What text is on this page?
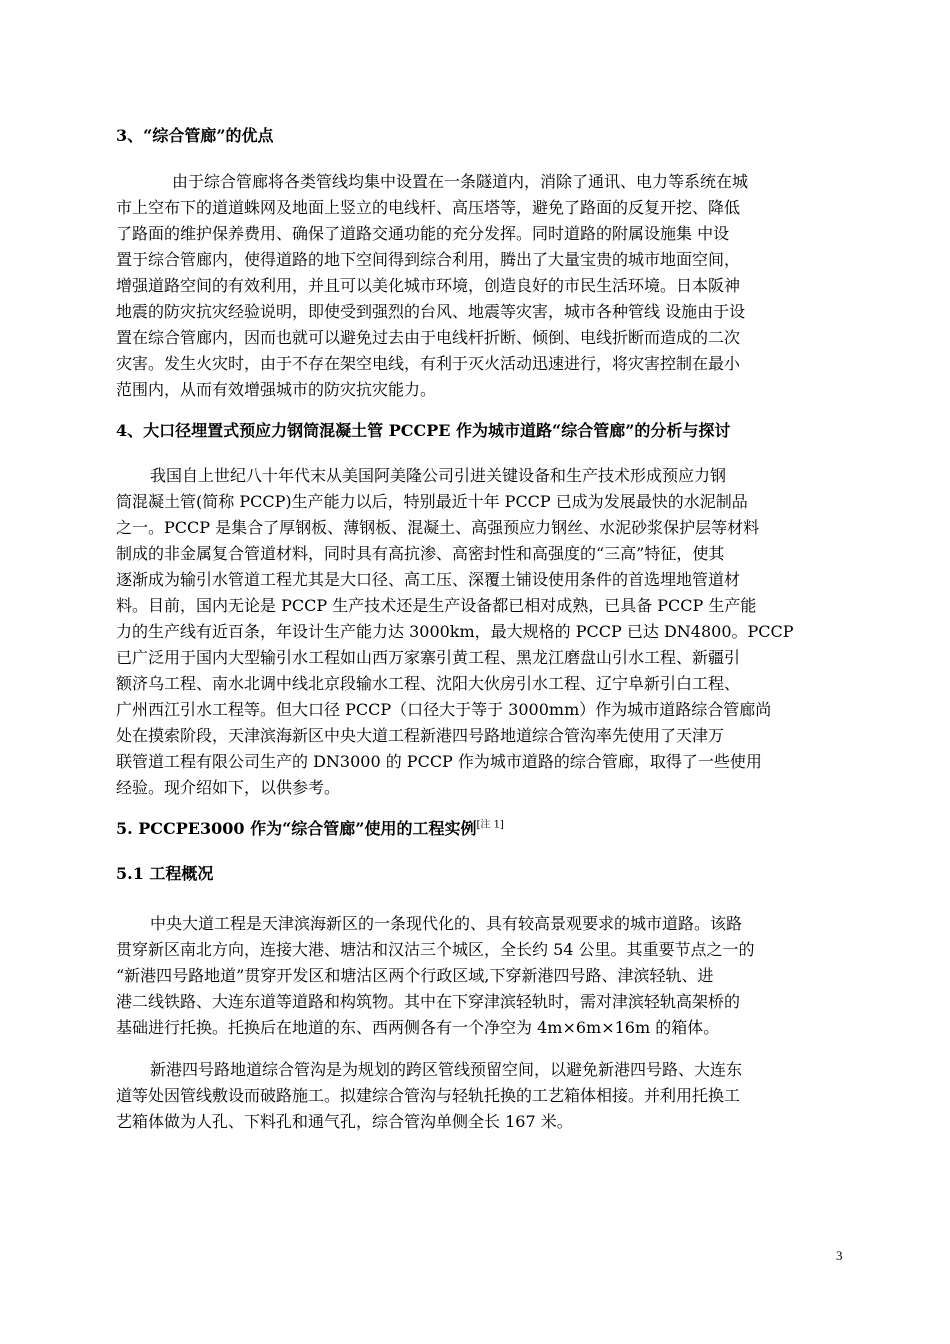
3、“综合管廊”的优点
由于综合管廊将各类管线均集中设置在一条隧道内，消除了通讯、电力等系统在城
市上空布下的道道蛛网及地面上竖立的电线杆、高压塔等，避免了路面的反复开挖、降低
了路面的维护保养费用、确保了道路交通功能的充分发挥。同时道路的附属设施集 中设
置于综合管廊内，使得道路的地下空间得到综合利用，腾出了大量宝贵的城市地面空间，
增强道路空间的有效利用，并且可以美化城市环境，创造良好的市民生活环境。日本阪神
地震的防灾抗灾经验说明，即使受到强烈的台风、地震等灾害，城市各种管线 设施由于设
置在综合管廊内，因而也就可以避免过去由于电线杆折断、倾倒、电线折断而造成的二次
灾害。发生火灾时，由于不存在架空电线，有利于灭火活动迅速进行，将灾害控制在最小
范围内，从而有效增强城市的防灾抗灾能力。
4、大口径埋置式预应力钢筒混凝土管 PCCPE 作为城市道路“综合管廊”的分析与探讨
我国自上世纪八十年代末从美国阿美隆公司引进关键设备和生产技术形成预应力钢
筒混凝土管(简称 PCCP)生产能力以后，特别最近十年 PCCP 已成为发展最快的水泥制品
之一。PCCP 是集合了厚钢板、薄钢板、混凝土、高强预应力钢丝、水泥砂浆保护层等材料
制成的非金属复合管道材料，同时具有高抗渗、高密封性和高强度的“三高”特征，使其
逐渐成为输引水管道工程尤其是大口径、高工压、深覆土铺设使用条件的首选埋地管道材
料。目前，国内无论是 PCCP 生产技术还是生产设备都已相对成熟，已具备 PCCP 生产能
力的生产线有近百条，年设计生产能力达 3000km，最大规格的 PCCP 已达 DN4800。PCCP
已广泛用于国内大型输引水工程如山西万家寨引黄工程、黑龙江磨盘山引水工程、新疆引
额济乌工程、南水北调中线北京段输水工程、沈阳大伙房引水工程、辽宁阜新引白工程、
广州西江引水工程等。但大口径 PCCP（口径大于等于 3000mm）作为城市道路综合管廊尚
处在摸索阶段，天津滨海新区中央大道工程新港四号路地道综合管沟率先使用了天津万
联管道工程有限公司生产的 DN3000 的 PCCP 作为城市道路的综合管廊，取得了一些使用
经验。现介绍如下，以供参考。
5. PCCPE3000 作为“综合管廊”使用的工程实例[注 1]
5.1 工程概况
中央大道工程是天津滨海新区的一条现代化的、具有较高景观要求的城市道路。该路
贯穿新区南北方向，连接大港、塘沽和汉沽三个城区，全长约 54 公里。其重要节点之一的
“新港四号路地道”贯穿开发区和塘沽区两个行政区域,下穿新港四号路、津滨轻轨、进
港二线铁路、大连东道等道路和构筑物。其中在下穿津滨轻轨时，需对津滨轻轨高架桥的
基础进行托换。托换后在地道的东、西两侧各有一个净空为 4m×6m×16m 的箱体。
新港四号路地道综合管沟是为规划的跨区管线预留空间，以避免新港四号路、大连东
道等处因管线敷设而破路施工。拟建综合管沟与轻轨托换的工艺箱体相接。并利用托换工
艺箱体做为人孔、下料孔和通气孔，综合管沟单侧全长 167 米。
3
